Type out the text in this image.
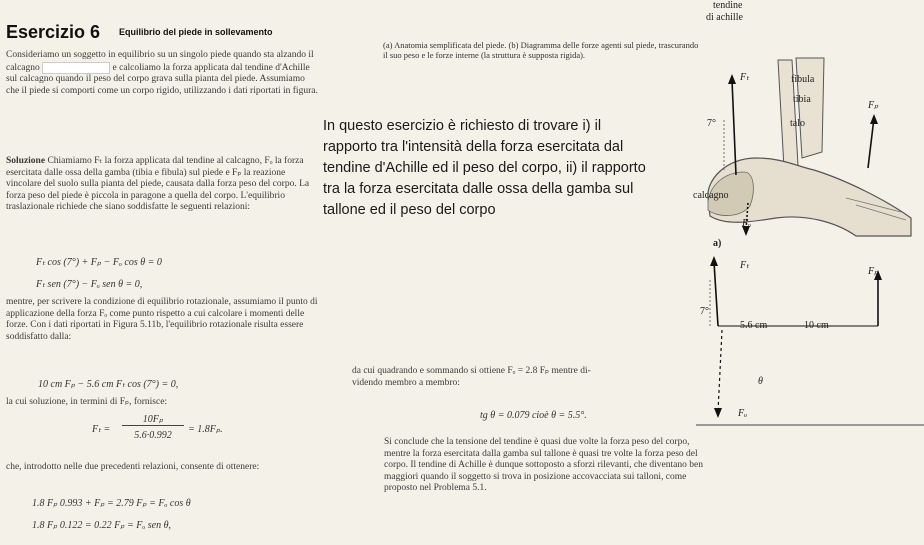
Esercizio 6 Equilibrio del piede in sollevamento
Consideriamo un soggetto in equilibrio su un singolo piede quando sta alzando il calcagno	e calcoliamo la forza applicata dal tendine d'Achille sul calcagno quando il peso del corpo grava sulla pianta del piede. Assumiamo che il piede si comporti come un corpo rigido, utilizzando i dati riportati in figura.
Soluzione Chiamiamo Fₜ la forza applicata dal tendine al calcagno, Fₒ la forza esercitata dalle ossa della gamba (tibia e fibula) sul piede e Fₚ la reazione vincolare del suolo sulla pianta del piede, causata dalla forza peso del corpo. La forza peso del piede è piccola in paragone a quella del corpo. L'equilibrio traslazionale richiede che siano soddisfatte le seguenti relazioni:
Fₜ cos (7°) + Fₚ − Fₒ cos θ = 0
Fₜ sen (7°) − Fₒ sen θ = 0,
mentre, per scrivere la condizione di equilibrio rotazionale, assumiamo il punto di applicazione della forza Fₒ come punto rispetto a cui calcolare i momenti delle forze. Con i dati riportati in Figura 5.11b, l'equilibrio rotazionale risulta essere soddisfatto dalla:
10 cm Fₚ − 5.6 cm Fₜ cos (7°) = 0,
la cui soluzione, in termini di Fₚ, fornisce:
Fₜ =
10Fₚ
5.6·0.992
= 1.8Fₚ.
che, introdotto nelle due precedenti relazioni, consente di ottenere:
1.8 Fₚ 0.993 + Fₚ = 2.79 Fₚ = Fₒ cos θ
1.8 Fₚ 0.122 = 0.22 Fₚ = Fₒ sen θ,
da cui quadrando e sommando si ottiene Fₒ = 2.8 Fₚ mentre di-
videndo membro a membro:
tg θ = 0.079 cioè θ = 5.5°.
Si conclude che la tensione del tendine è quasi due volte la forza peso del corpo, mentre la forza esercitata dalla gamba sul tallone è quasi tre volte la forza peso del corpo. Il tendine di Achille è dunque sottoposto a sforzi rilevanti, che diventano ben maggiori quando il soggetto si trova in posizione accovacciata sui talloni, come proposto nel Problema 5.1.
(a) Anatomia semplificata del piede. (b) Diagramma delle forze agenti sul piede, trascurando il suo peso e le forze interne (la struttura è supposta rigida).
In questo esercizio è richiesto di trovare i) il rapporto tra l'intensità della forza esercitata dal tendine d'Achille ed il peso del corpo, ii) il rapporto tra la forza esercitata dalle ossa della gamba sul tallone ed il peso del corpo
tendine
di achille
fibula
tibia
talo
calcagno
Fₜ
Fₚ
Fₒ
7°
a)
Fₜ
Fₚ
7°
5.6 cm	10 cm
θ
Fₒ
